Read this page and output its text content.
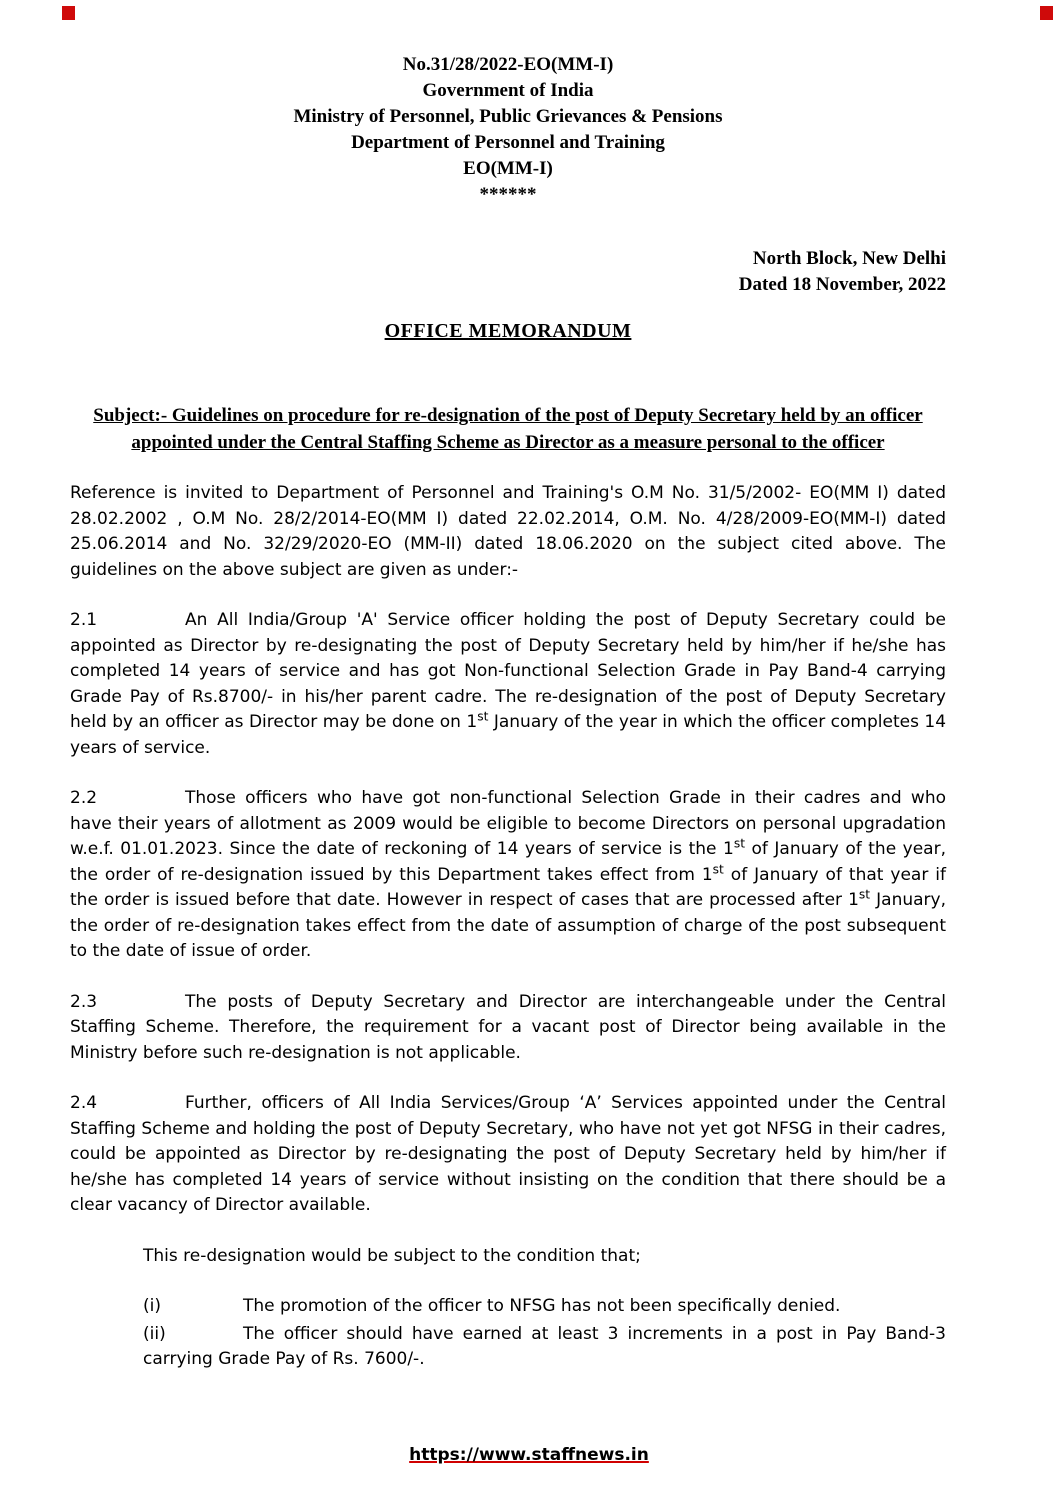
No.31/28/2022-EO(MM-I)
Government of India
Ministry of Personnel, Public Grievances & Pensions
Department of Personnel and Training
EO(MM-I)
******
North Block, New Delhi
Dated 18 November, 2022
OFFICE MEMORANDUM
Subject:- Guidelines on procedure for re-designation of the post of Deputy Secretary held by an officer appointed under the Central Staffing Scheme as Director as a measure personal to the officer
Reference is invited to Department of Personnel and Training's O.M No. 31/5/2002- EO(MM I) dated 28.02.2002 , O.M No. 28/2/2014-EO(MM I) dated 22.02.2014, O.M. No. 4/28/2009-EO(MM-I) dated 25.06.2014 and No. 32/29/2020-EO (MM-II) dated 18.06.2020 on the subject cited above. The guidelines on the above subject are given as under:-
2.1	An All India/Group 'A' Service officer holding the post of Deputy Secretary could be appointed as Director by re-designating the post of Deputy Secretary held by him/her if he/she has completed 14 years of service and has got Non-functional Selection Grade in Pay Band-4 carrying Grade Pay of Rs.8700/- in his/her parent cadre. The re-designation of the post of Deputy Secretary held by an officer as Director may be done on 1st January of the year in which the officer completes 14 years of service.
2.2	Those officers who have got non-functional Selection Grade in their cadres and who have their years of allotment as 2009 would be eligible to become Directors on personal upgradation w.e.f. 01.01.2023. Since the date of reckoning of 14 years of service is the 1st of January of the year, the order of re-designation issued by this Department takes effect from 1st of January of that year if the order is issued before that date. However in respect of cases that are processed after 1st January, the order of re-designation takes effect from the date of assumption of charge of the post subsequent to the date of issue of order.
2.3	The posts of Deputy Secretary and Director are interchangeable under the Central Staffing Scheme. Therefore, the requirement for a vacant post of Director being available in the Ministry before such re-designation is not applicable.
2.4	Further, officers of All India Services/Group ‘A’ Services appointed under the Central Staffing Scheme and holding the post of Deputy Secretary, who have not yet got NFSG in their cadres, could be appointed as Director by re-designating the post of Deputy Secretary held by him/her if he/she has completed 14 years of service without insisting on the condition that there should be a clear vacancy of Director available.
This re-designation would be subject to the condition that;
(i)	The promotion of the officer to NFSG has not been specifically denied.
(ii)	The officer should have earned at least 3 increments in a post in Pay Band-3 carrying Grade Pay of Rs. 7600/-.
https://www.staffnews.in
